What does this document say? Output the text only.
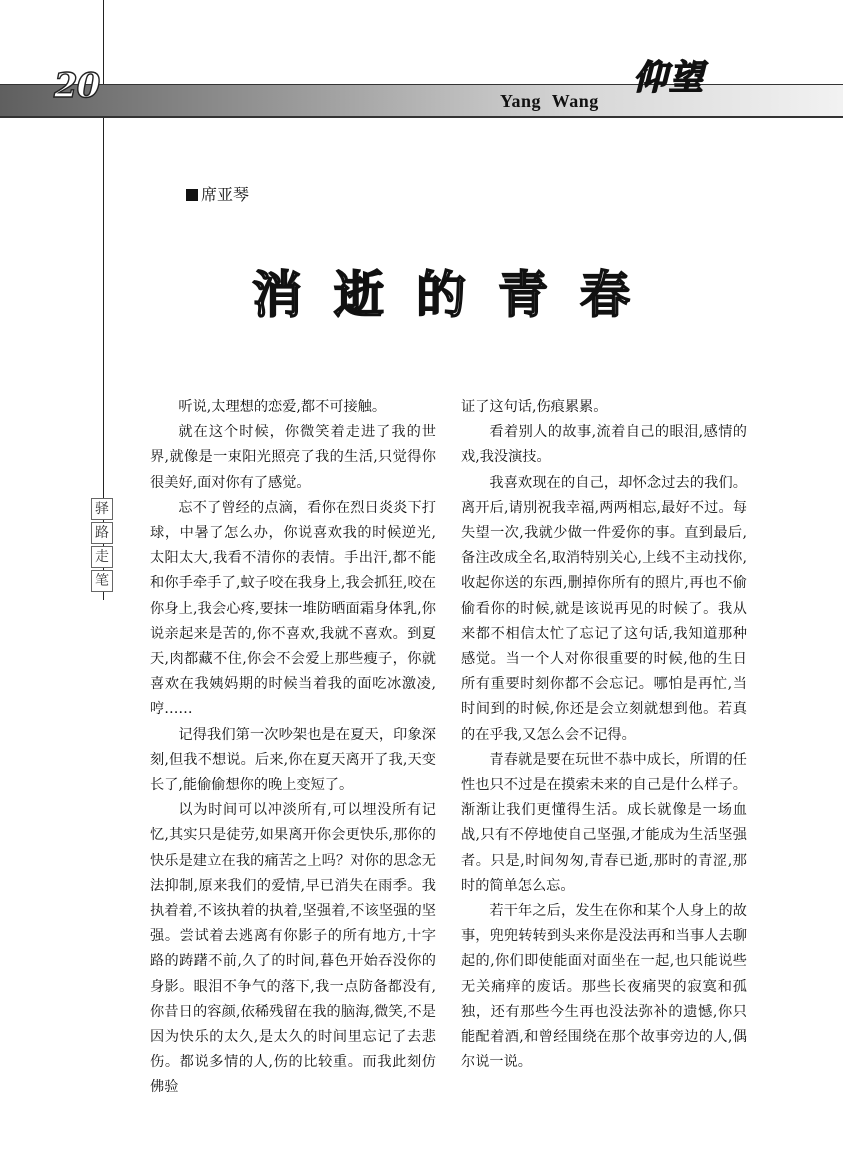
20	Yang Wang
仰望
席亚琴
消逝的青春
驿
路
走
笔

听说,太理想的恋爱,都不可接触。

就在这个时候，你微笑着走进了我的世界,就像是一束阳光照亮了我的生活,只觉得你很美好,面对你有了感觉。

忘不了曾经的点滴，看你在烈日炎炎下打球，中暑了怎么办，你说喜欢我的时候逆光,太阳太大,我看不清你的表情。手出汗,都不能和你手牵手了,蚊子咬在我身上,我会抓狂,咬在你身上,我会心疼,要抹一堆防晒面霜身体乳,你说亲起来是苦的,你不喜欢,我就不喜欢。到夏天,肉都藏不住,你会不会爱上那些瘦子，你就喜欢在我姨妈期的时候当着我的面吃冰激凌,哼……

记得我们第一次吵架也是在夏天，印象深刻,但我不想说。后来,你在夏天离开了我,天变长了,能偷偷想你的晚上变短了。

以为时间可以冲淡所有,可以埋没所有记忆,其实只是徒劳,如果离开你会更快乐,那你的快乐是建立在我的痛苦之上吗？对你的思念无法抑制,原来我们的爱情,早已消失在雨季。我执着着,不该执着的执着,坚强着,不该坚强的坚强。尝试着去逃离有你影子的所有地方,十字路的踌躇不前,久了的时间,暮色开始吞没你的身影。眼泪不争气的落下,我一点防备都没有,你昔日的容颜,依稀残留在我的脑海,微笑,不是因为快乐的太久,是太久的时间里忘记了去悲伤。都说多情的人,伤的比较重。而我此刻仿佛验

证了这句话,伤痕累累。

看着别人的故事,流着自己的眼泪,感情的戏,我没演技。

我喜欢现在的自己，却怀念过去的我们。离开后,请別祝我幸福,两两相忘,最好不过。每失望一次,我就少做一件爱你的事。直到最后,备注改成全名,取消特别关心,上线不主动找你,收起你送的东西,删掉你所有的照片,再也不偷偷看你的时候,就是该说再见的时候了。我从来都不相信太忙了忘记了这句话,我知道那种感觉。当一个人对你很重要的时候,他的生日所有重要时刻你都不会忘记。哪怕是再忙,当时间到的时候,你还是会立刻就想到他。若真的在乎我,又怎么会不记得。

青春就是要在玩世不恭中成长，所谓的任性也只不过是在摸索未来的自己是什么样子。渐渐让我们更懂得生活。成长就像是一场血战,只有不停地使自己坚强,才能成为生活坚强者。只是,时间匆匆,青春已逝,那时的青涩,那时的简单怎么忘。

若干年之后，发生在你和某个人身上的故事，兜兜转转到头来你是没法再和当事人去聊起的,你们即使能面对面坐在一起,也只能说些无关痛痒的废话。那些长夜痛哭的寂寞和孤独，还有那些今生再也没法弥补的遗憾,你只能配着酒,和曾经围绕在那个故事旁边的人,偶尔说一说。
